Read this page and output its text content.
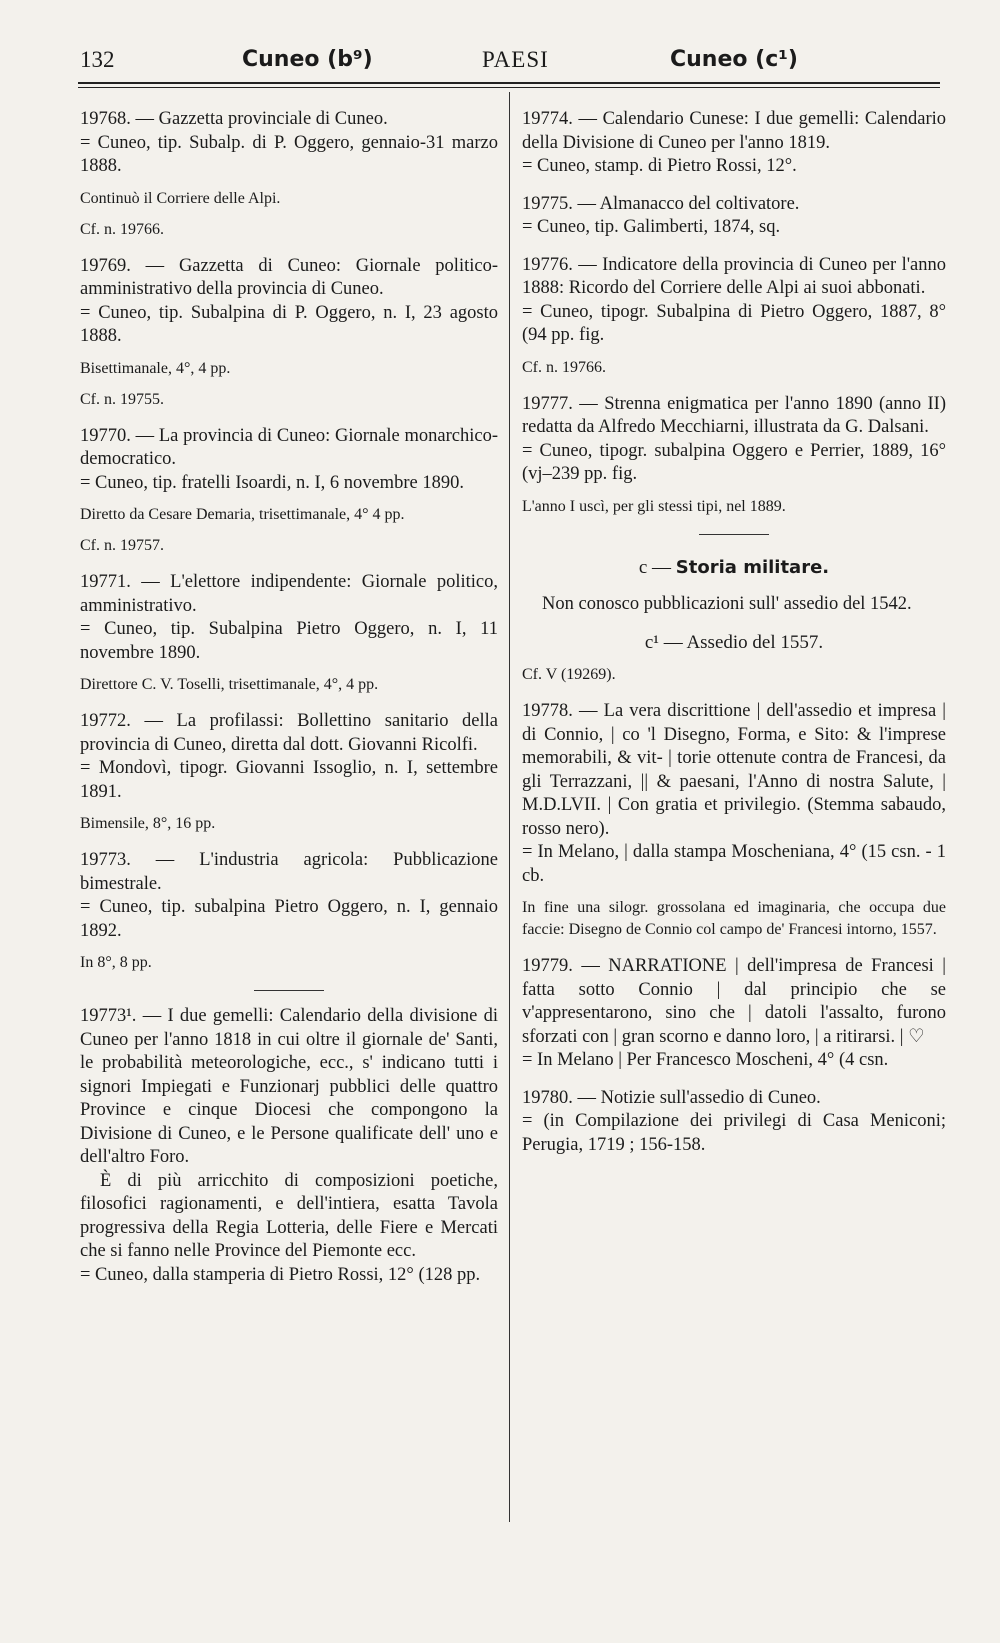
132	Cuneo (b⁹)	PAESI	Cuneo (c¹)

19768. — Gazzetta provinciale di Cuneo.

= Cuneo, tip. Subalp. di P. Oggero, gennaio-31 marzo 1888.

Continuò il Corriere delle Alpi.

Cf. n. 19766.

19769. — Gazzetta di Cuneo: Giornale politico-amministrativo della provincia di Cuneo.

= Cuneo, tip. Subalpina di P. Oggero, n. I, 23 agosto 1888.

Bisettimanale, 4°, 4 pp.

Cf. n. 19755.

19770. — La provincia di Cuneo: Giornale monarchico-democratico.

= Cuneo, tip. fratelli Isoardi, n. I, 6 novembre 1890.

Diretto da Cesare Demaria, trisettimanale, 4° 4 pp.

Cf. n. 19757.

19771. — L'elettore indipendente: Giornale politico, amministrativo.

= Cuneo, tip. Subalpina Pietro Oggero, n. I, 11 novembre 1890.

Direttore C. V. Toselli, trisettimanale, 4°, 4 pp.

19772. — La profilassi: Bollettino sanitario della provincia di Cuneo, diretta dal dott. Giovanni Ricolfi.

= Mondovì, tipogr. Giovanni Issoglio, n. I, settembre 1891.

Bimensile, 8°, 16 pp.

19773. — L'industria agricola: Pubblicazione bimestrale.

= Cuneo, tip. subalpina Pietro Oggero, n. I, gennaio 1892.

In 8°, 8 pp.

19773¹. — I due gemelli: Calendario della divisione di Cuneo per l'anno 1818 in cui oltre il giornale de' Santi, le probabilità meteorologiche, ecc., s' indicano tutti i signori Impiegati e Funzionarj pubblici delle quattro Province e cinque Diocesi che compongono la Divisione di Cuneo, e le Persone qualificate dell' uno e dell'altro Foro.

È di più arricchito di composizioni poetiche, filosofici ragionamenti, e dell'intiera, esatta Tavola progressiva della Regia Lotteria, delle Fiere e Mercati che si fanno nelle Province del Piemonte ecc.

= Cuneo, dalla stamperia di Pietro Rossi, 12° (128 pp.

19774. — Calendario Cunese: I due gemelli: Calendario della Divisione di Cuneo per l'anno 1819.

= Cuneo, stamp. di Pietro Rossi, 12°.

19775. — Almanacco del coltivatore.

= Cuneo, tip. Galimberti, 1874, sq.

19776. — Indicatore della provincia di Cuneo per l'anno 1888: Ricordo del Corriere delle Alpi ai suoi abbonati.

= Cuneo, tipogr. Subalpina di Pietro Oggero, 1887, 8° (94 pp. fig.

Cf. n. 19766.

19777. — Strenna enigmatica per l'anno 1890 (anno II) redatta da Alfredo Mecchiarni, illustrata da G. Dalsani.

= Cuneo, tipogr. subalpina Oggero e Perrier, 1889, 16° (vj–239 pp. fig.

L'anno I uscì, per gli stessi tipi, nel 1889.

c — Storia militare.

Non conosco pubblicazioni sull' assedio del 1542.

c¹ — Assedio del 1557.

Cf. V (19269).

19778. — La vera discrittione | dell'assedio et impresa | di Connio, | co 'l Disegno, Forma, e Sito: & l'imprese memorabili, & vit- | torie ottenute contra de Francesi, da gli Terrazzani, || & paesani, l'Anno di nostra Salute, | M.D.LVII. | Con gratia et privilegio. (Stemma sabaudo, rosso nero).

= In Melano, | dalla stampa Moscheniana, 4° (15 csn. - 1 cb.

In fine una silogr. grossolana ed imaginaria, che occupa due faccie: Disegno de Connio col campo de' Francesi intorno, 1557.

19779. — NARRATIONE | dell'impresa de Francesi | fatta sotto Connio | dal principio che se v'appresentarono, sino che | datoli l'assalto, furono sforzati con | gran scorno e danno loro, | a ritirarsi. | ♡

= In Melano | Per Francesco Moscheni, 4° (4 csn.

19780. — Notizie sull'assedio di Cuneo.

= (in Compilazione dei privilegi di Casa Meniconi; Perugia, 1719 ; 156-158.
